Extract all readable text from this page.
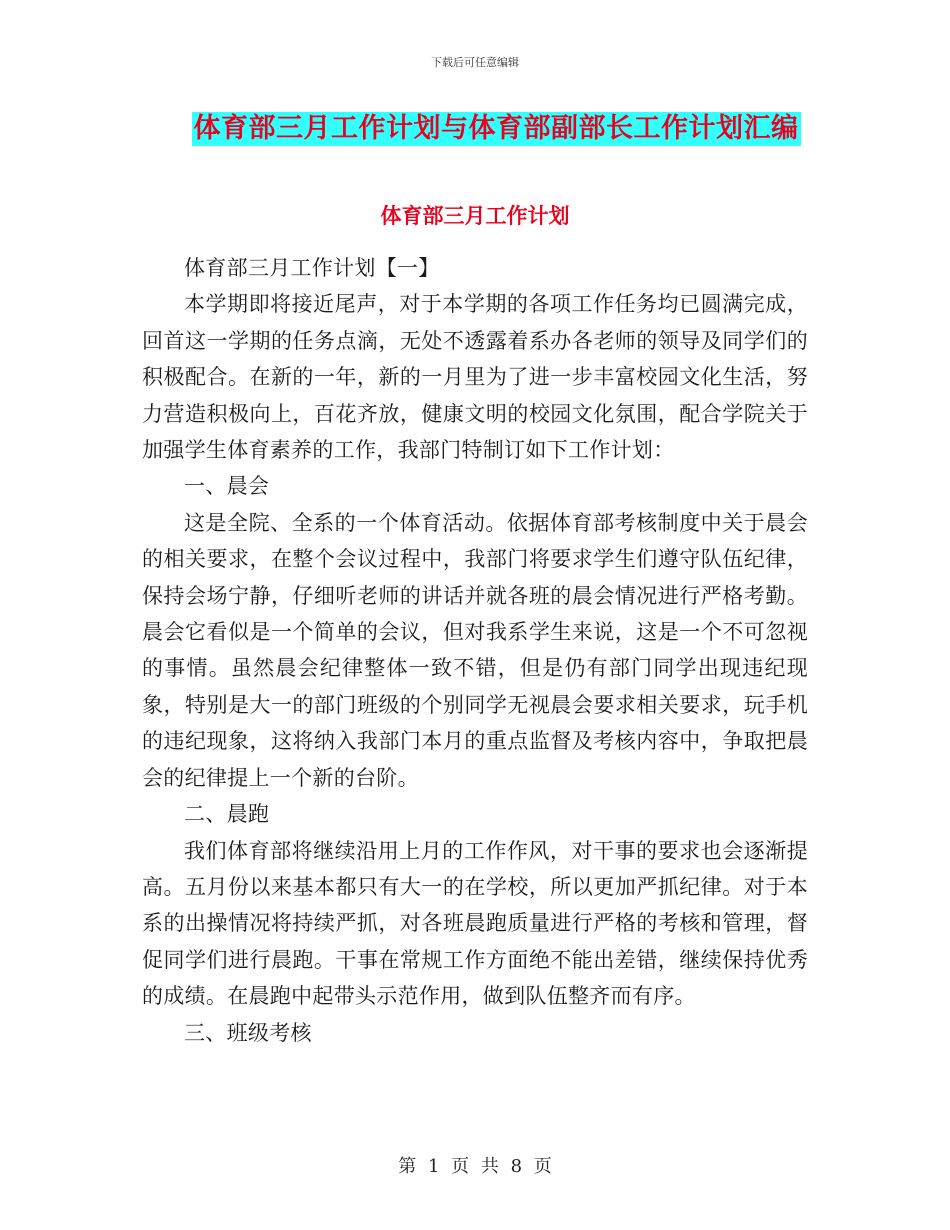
下载后可任意编辑
体育部三月工作计划与体育部副部长工作计划汇编
体育部三月工作计划

体育部三月工作计划【一】

本学期即将接近尾声，对于本学期的各项工作任务均已圆满完成，回首这一学期的任务点滴，无处不透露着系办各老师的领导及同学们的积极配合。在新的一年，新的一月里为了进一步丰富校园文化生活，努力营造积极向上，百花齐放，健康文明的校园文化氛围，配合学院关于加强学生体育素养的工作，我部门特制订如下工作计划：

一、晨会

这是全院、全系的一个体育活动。依据体育部考核制度中关于晨会的相关要求，在整个会议过程中，我部门将要求学生们遵守队伍纪律，保持会场宁静，仔细听老师的讲话并就各班的晨会情况进行严格考勤。晨会它看似是一个简单的会议，但对我系学生来说，这是一个不可忽视的事情。虽然晨会纪律整体一致不错，但是仍有部门同学出现违纪现象，特别是大一的部门班级的个别同学无视晨会要求相关要求，玩手机的违纪现象，这将纳入我部门本月的重点监督及考核内容中，争取把晨会的纪律提上一个新的台阶。

二、晨跑

我们体育部将继续沿用上月的工作作风，对干事的要求也会逐渐提高。五月份以来基本都只有大一的在学校，所以更加严抓纪律。对于本系的出操情况将持续严抓，对各班晨跑质量进行严格的考核和管理，督促同学们进行晨跑。干事在常规工作方面绝不能出差错，继续保持优秀的成绩。在晨跑中起带头示范作用，做到队伍整齐而有序。

三、班级考核

第 1 页 共 8 页
